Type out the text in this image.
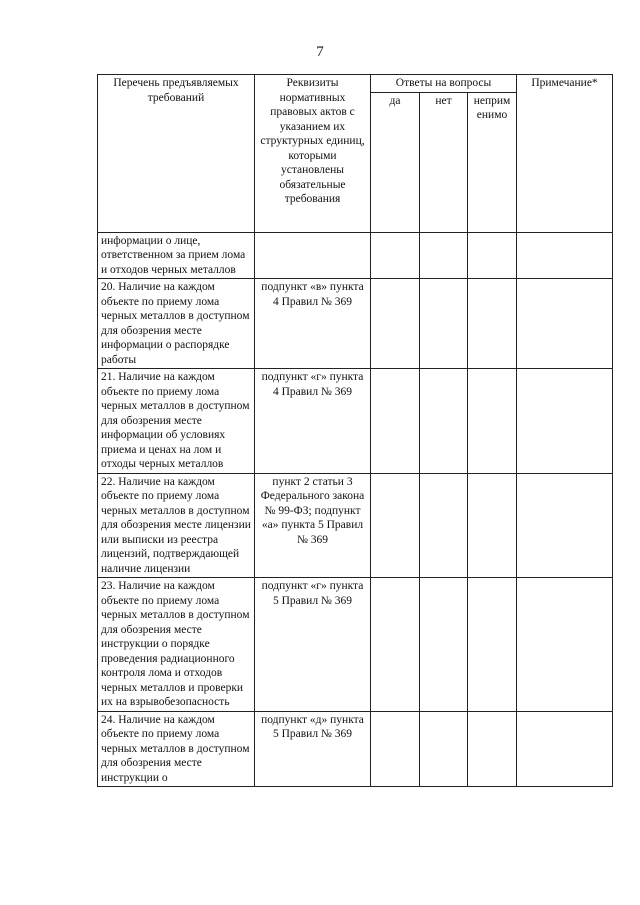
7
Перечень предъявляемых требований	Реквизиты нормативных правовых актов с указанием их структурных единиц, которыми установлены обязательные требования	Ответы на вопросы			Примечание*
		да	нет	неприм енимо	
информации о лице, ответственном за прием лома и отходов черных металлов					
20. Наличие на каждом объекте по приему лома черных металлов в доступном для обозрения месте информации о распорядке работы	подпункт «в» пункта 4 Правил № 369				
21. Наличие на каждом объекте по приему лома черных металлов в доступном для обозрения месте информации об условиях приема и ценах на лом и отходы черных металлов	подпункт «г» пункта 4 Правил № 369				
22. Наличие на каждом объекте по приему лома черных металлов в доступном для обозрения месте лицензии или выписки из реестра лицензий, подтверждающей наличие лицензии	пункт 2 статьи 3 Федерального закона № 99-ФЗ; подпункт «а» пункта 5 Правил № 369				
23. Наличие на каждом объекте по приему лома черных металлов в доступном для обозрения месте инструкции о порядке проведения радиационного контроля лома и отходов черных металлов и проверки их на взрывобезопасность	подпункт «г» пункта 5 Правил № 369				
24. Наличие на каждом объекте по приему лома черных металлов в доступном для обозрения месте инструкции о	подпункт «д» пункта 5 Правил № 369				
